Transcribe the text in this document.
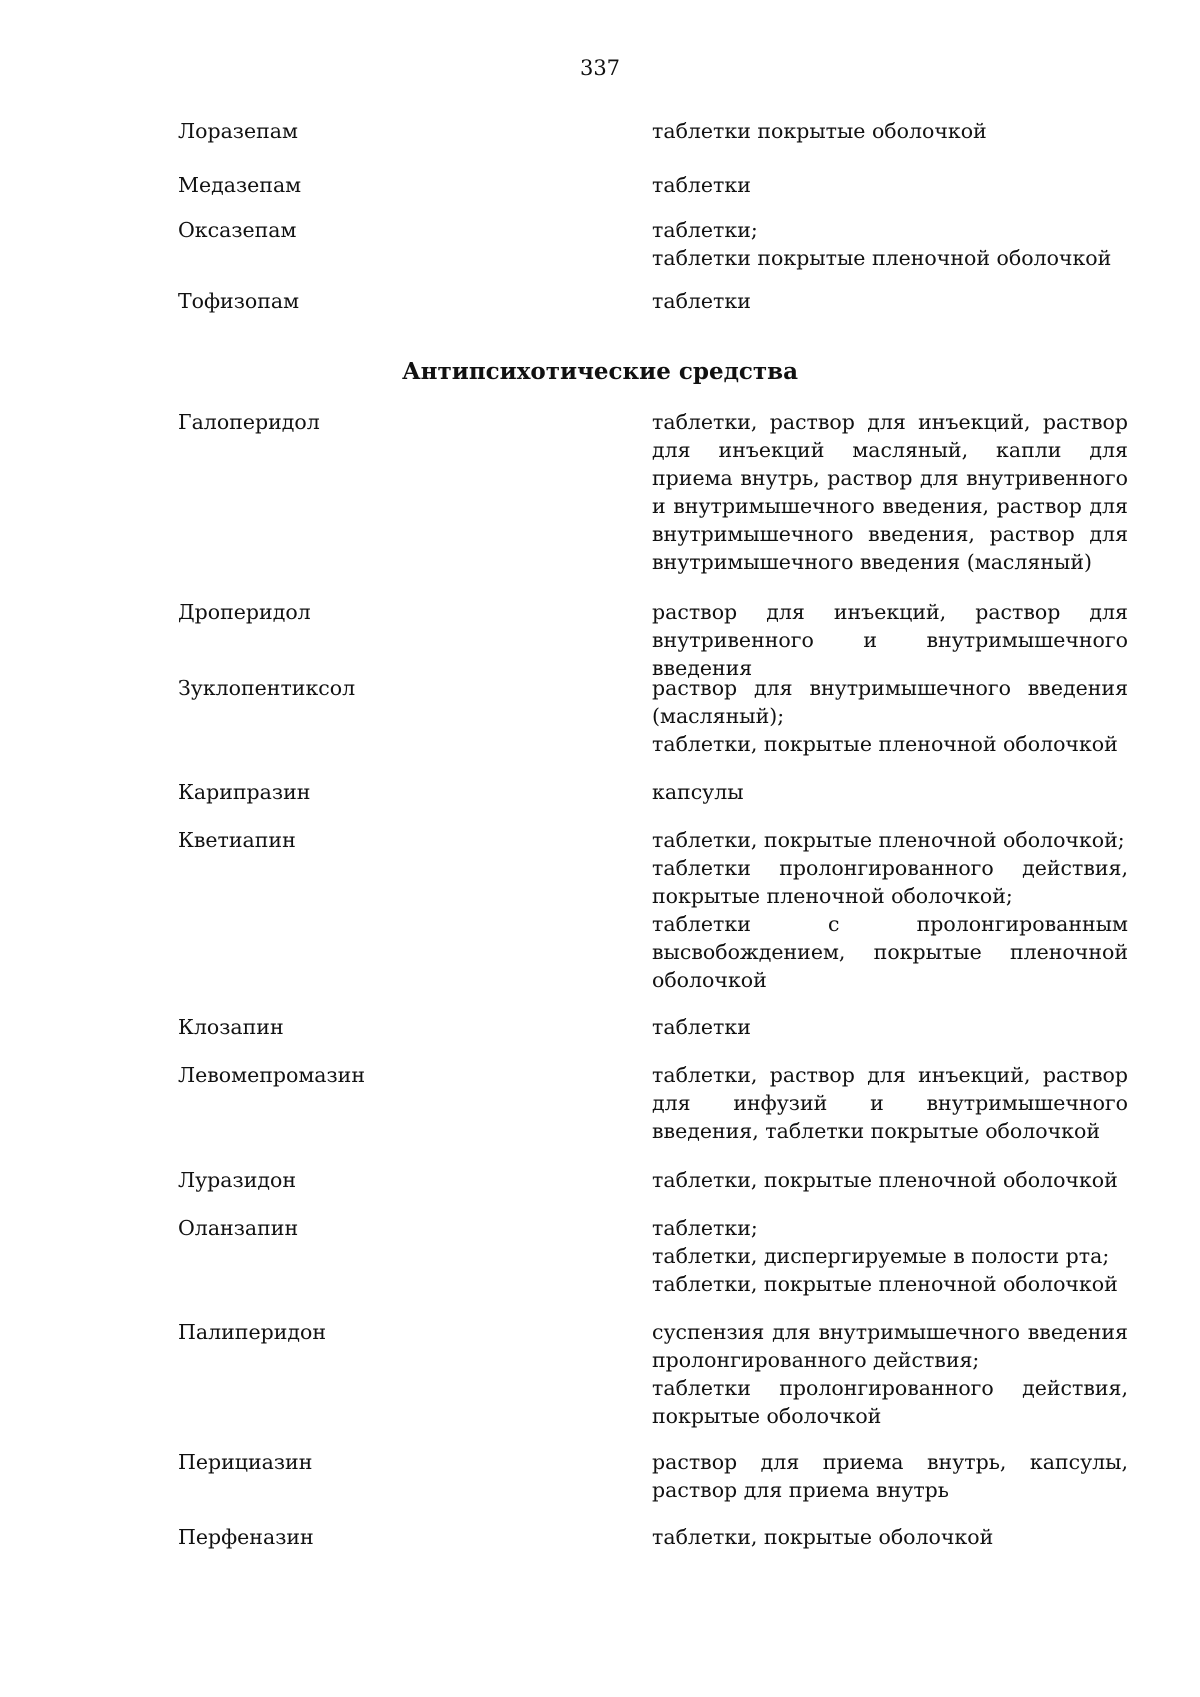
337
Лоразепам	таблетки покрытые оболочкой
Медазепам	таблетки
Оксазепам	таблетки;
таблетки покрытые пленочной оболочкой
Тофизопам	таблетки
Антипсихотические средства
Галоперидол	таблетки, раствор для инъекций, раствор для инъекций масляный, капли для приема внутрь, раствор для внутривенного и внутримышечного введения, раствор для внутримышечного введения, раствор для внутримышечного введения (масляный)
Дроперидол	раствор для инъекций, раствор для внутривенного и внутримышечного введения
Зуклопентиксол	раствор для внутримышечного введения (масляный);
таблетки, покрытые пленочной оболочкой
Карипразин	капсулы
Кветиапин	таблетки, покрытые пленочной оболочкой;
таблетки пролонгированного действия, покрытые пленочной оболочкой;
таблетки с пролонгированным высвобождением, покрытые пленочной оболочкой
Клозапин	таблетки
Левомепромазин	таблетки, раствор для инъекций, раствор для инфузий и внутримышечного введения, таблетки покрытые оболочкой
Луразидон	таблетки, покрытые пленочной оболочкой
Оланзапин	таблетки;
таблетки, диспергируемые в полости рта;
таблетки, покрытые пленочной оболочкой
Палиперидон	суспензия для внутримышечного введения пролонгированного действия;
таблетки пролонгированного действия, покрытые оболочкой
Перициазин	раствор для приема внутрь, капсулы, раствор для приема внутрь
Перфеназин	таблетки, покрытые оболочкой
